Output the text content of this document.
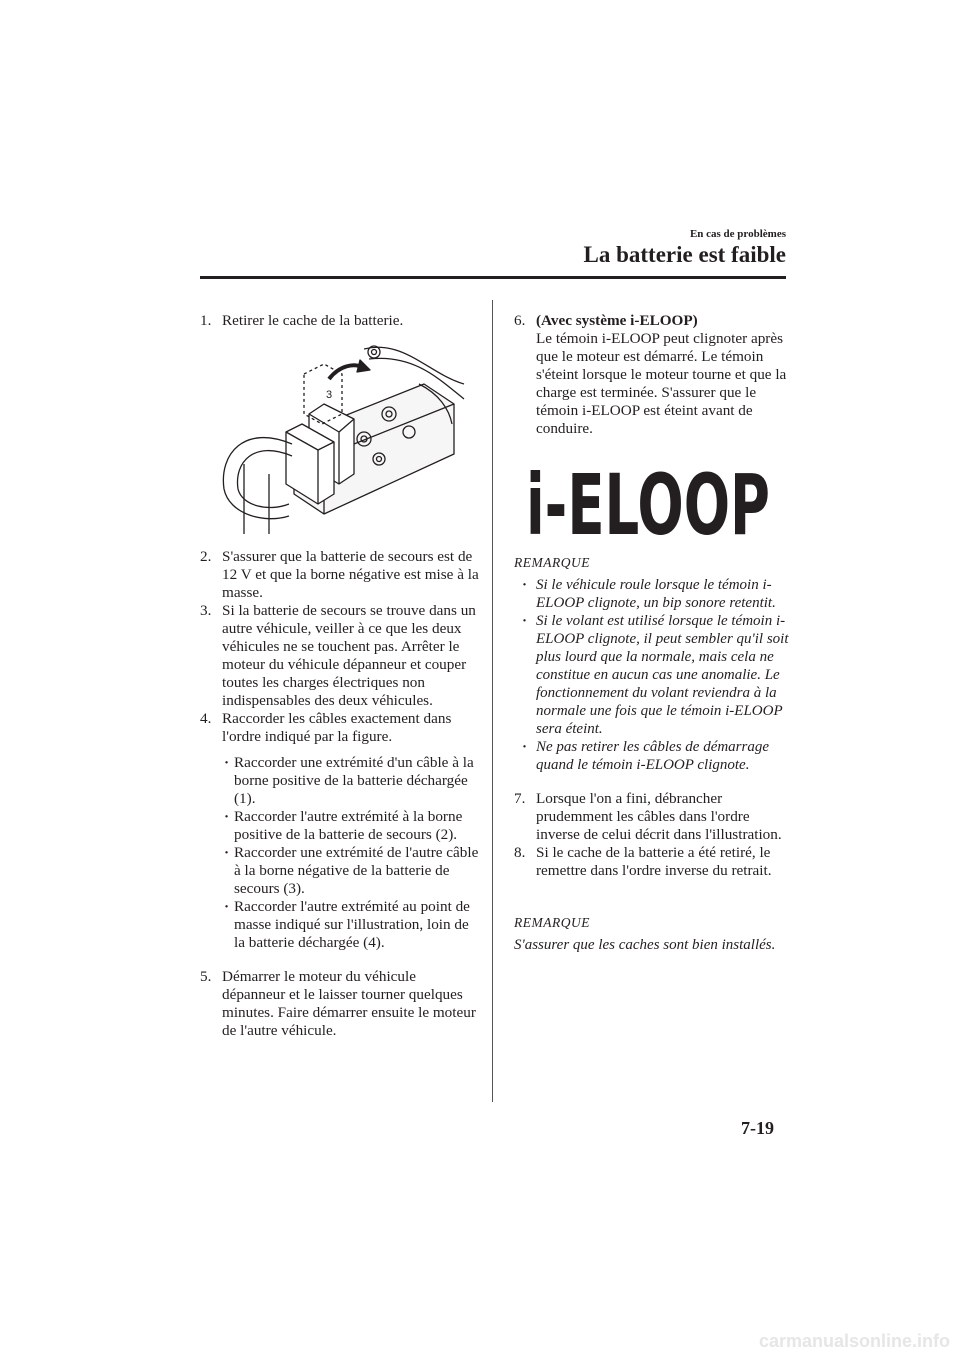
En cas de problèmes
La batterie est faible

1. Retirer le cache de la batterie.

3

2. S'assurer que la batterie de secours est de 12 V et que la borne négative est mise à la masse.

3. Si la batterie de secours se trouve dans un autre véhicule, veiller à ce que les deux véhicules ne se touchent pas. Arrêter le moteur du véhicule dépanneur et couper toutes les charges électriques non indispensables des deux véhicules.

4. Raccorder les câbles exactement dans l'ordre indiqué par la figure.

· Raccorder une extrémité d'un câble à la borne positive de la batterie déchargée (1).
· Raccorder l'autre extrémité à la borne positive de la batterie de secours (2).
· Raccorder une extrémité de l'autre câble à la borne négative de la batterie de secours (3).
· Raccorder l'autre extrémité au point de masse indiqué sur l'illustration, loin de la batterie déchargée (4).

5. Démarrer le moteur du véhicule dépanneur et le laisser tourner quelques minutes. Faire démarrer ensuite le moteur de l'autre véhicule.

6. (Avec système i-ELOOP)
Le témoin i-ELOOP peut clignoter après que le moteur est démarré. Le témoin s'éteint lorsque le moteur tourne et que la charge est terminée. S'assurer que le témoin i-ELOOP est éteint avant de conduire.

i-ELOOP
REMARQUE
· Si le véhicule roule lorsque le témoin i-ELOOP clignote, un bip sonore retentit.
· Si le volant est utilisé lorsque le témoin i-ELOOP clignote, il peut sembler qu'il soit plus lourd que la normale, mais cela ne constitue en aucun cas une anomalie. Le fonctionnement du volant reviendra à la normale une fois que le témoin i-ELOOP sera éteint.
· Ne pas retirer les câbles de démarrage quand le témoin i-ELOOP clignote.

7. Lorsque l'on a fini, débrancher prudemment les câbles dans l'ordre inverse de celui décrit dans l'illustration.

8. Si le cache de la batterie a été retiré, le remettre dans l'ordre inverse du retrait.

REMARQUE
S'assurer que les caches sont bien installés.
7-19
carmanualsonline.info
